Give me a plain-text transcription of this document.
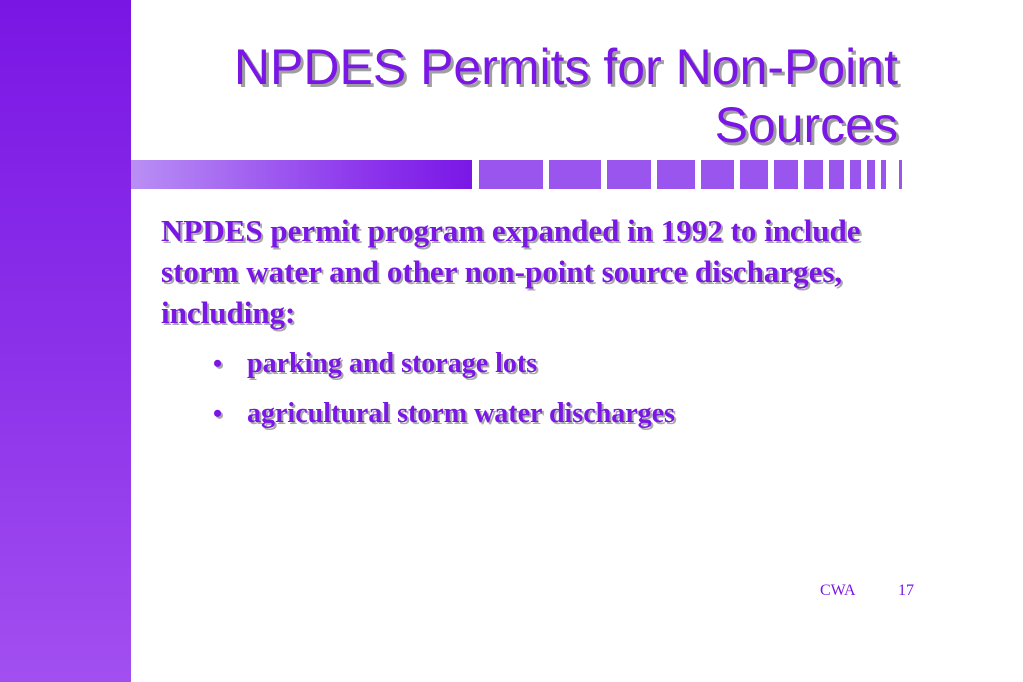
NPDES Permits for Non-Point
Sources
NPDES permit program expanded in 1992 to include storm water and other non-point source discharges, including:
• parking and storage lots
• agricultural storm water discharges
CWA	17
